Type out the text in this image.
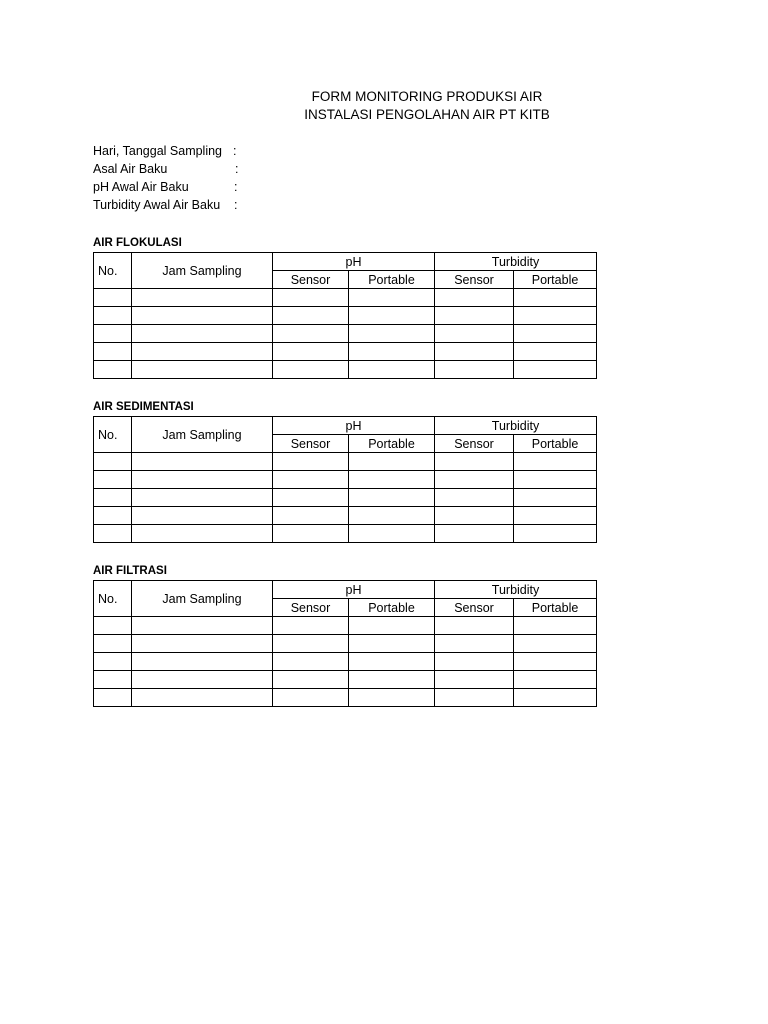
FORM MONITORING PRODUKSI AIR
INSTALASI PENGOLAHAN AIR PT KITB
Hari, Tanggal Sampling :
Asal Air Baku	:
pH Awal Air Baku	:
Turbidity Awal Air Baku :
AIR FLOKULASI
No.	Jam Sampling	pH		Turbidity	
		Sensor	Portable	Sensor	Portable

AIR SEDIMENTASI
No.	Jam Sampling	pH		Turbidity	
		Sensor	Portable	Sensor	Portable

AIR FILTRASI
No.	Jam Sampling	pH		Turbidity	
		Sensor	Portable	Sensor	Portable
